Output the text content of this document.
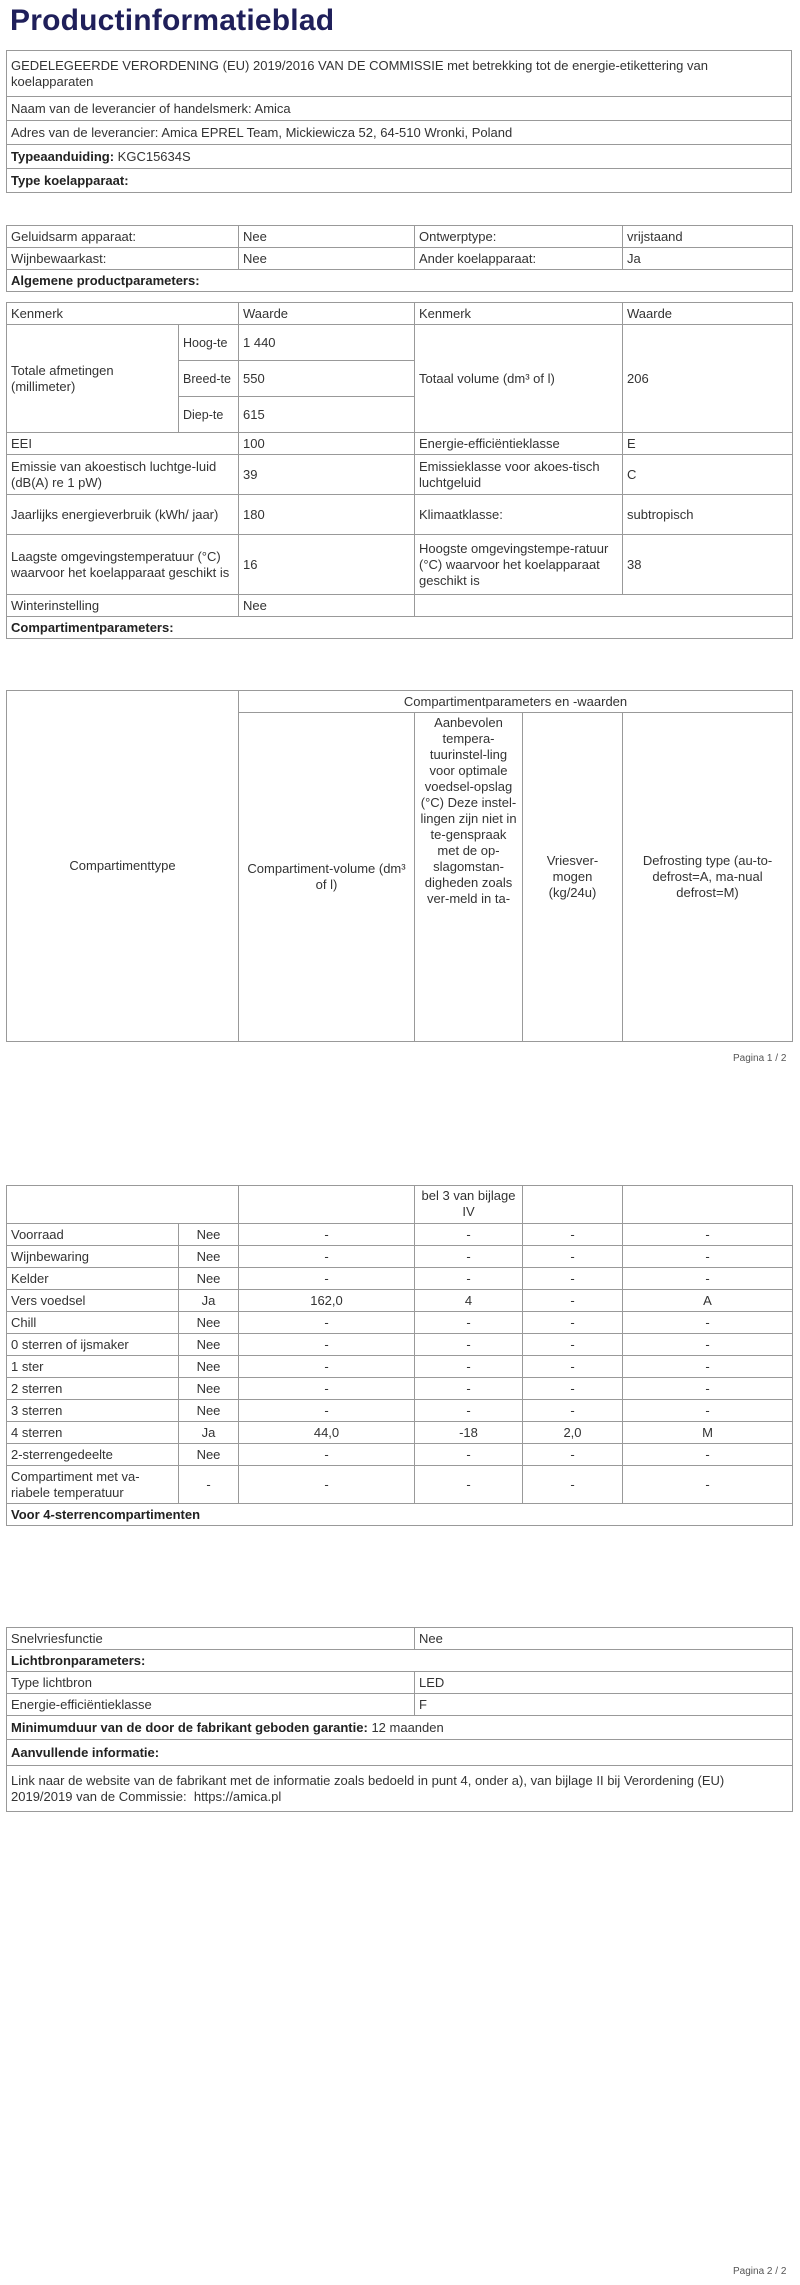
Productinformatieblad
GEDELEGEERDE VERORDENING (EU) 2019/2016 VAN DE COMMISSIE met betrekking tot de energie-etikettering van koelapparaten
Naam van de leverancier of handelsmerk: Amica
Adres van de leverancier: Amica EPREL Team, Mickiewicza 52, 64-510 Wronki, Poland
Typeaanduiding: KGC15634S
Type koelapparaat:
Geluidsarm apparaat:	Nee	Ontwerptype:	vrijstaand
Wijnbewaarkast:	Nee	Ander koelapparaat:	Ja
Algemene productparameters:			
Kenmerk		Waarde	Kenmerk	Waarde
Totale afmetingen (millimeter)	Hoog-te	1 440	Totaal volume (dm³ of l)	206
	Breed-te	550		
	Diep-te	615		
EEI		100	Energie-efficiëntieklasse	E
Emissie van akoestisch luchtge-luid (dB(A) re 1 pW)		39	Emissieklasse voor akoes-tisch luchtgeluid	C
Jaarlijks energieverbruik (kWh/ jaar)		180	Klimaatklasse:	subtropisch
Laagste omgevingstemperatuur (°C) waarvoor het koelapparaat geschikt is		16	Hoogste omgevingstempe-ratuur (°C) waarvoor het koelapparaat geschikt is	38
Winterinstelling		Nee		
Compartimentparameters:				
Compartimenttype	Compartimentparameters en -waarden			
	Compartiment-volume (dm³ of l)	Aanbevolen tempera-tuurinstel-ling voor optimale voedsel-opslag (°C) Deze instel-lingen zijn niet in te-genspraak met de op-slagomstan-digheden zoals ver-meld in ta-	Vriesver-mogen (kg/24u)	Defrosting type (au-to-defrost=A, ma-nual defrost=M)
Pagina 1 / 2
			bel 3 van bijlage IV		
Voorraad	Nee	-	-	-	-
Wijnbewaring	Nee	-	-	-	-
Kelder	Nee	-	-	-	-
Vers voedsel	Ja	162,0	4	-	A
Chill	Nee	-	-	-	-
0 sterren of ijsmaker	Nee	-	-	-	-
1 ster	Nee	-	-	-	-
2 sterren	Nee	-	-	-	-
3 sterren	Nee	-	-	-	-
4 sterren	Ja	44,0	-18	2,0	M
2-sterrengedeelte	Nee	-	-	-	-
Compartiment met va-riabele temperatuur	-	-	-	-	-
Voor 4-sterrencompartimenten					
Snelvriesfunctie	Nee
Lichtbronparameters:	
Type lichtbron	LED
Energie-efficiëntieklasse	F
Minimumduur van de door de fabrikant geboden garantie: 12 maanden	
Aanvullende informatie:	
Link naar de website van de fabrikant met de informatie zoals bedoeld in punt 4, onder a), van bijlage II bij Verordening (EU) 2019/2019 van de Commissie: https://amica.pl	
Pagina 2 / 2
